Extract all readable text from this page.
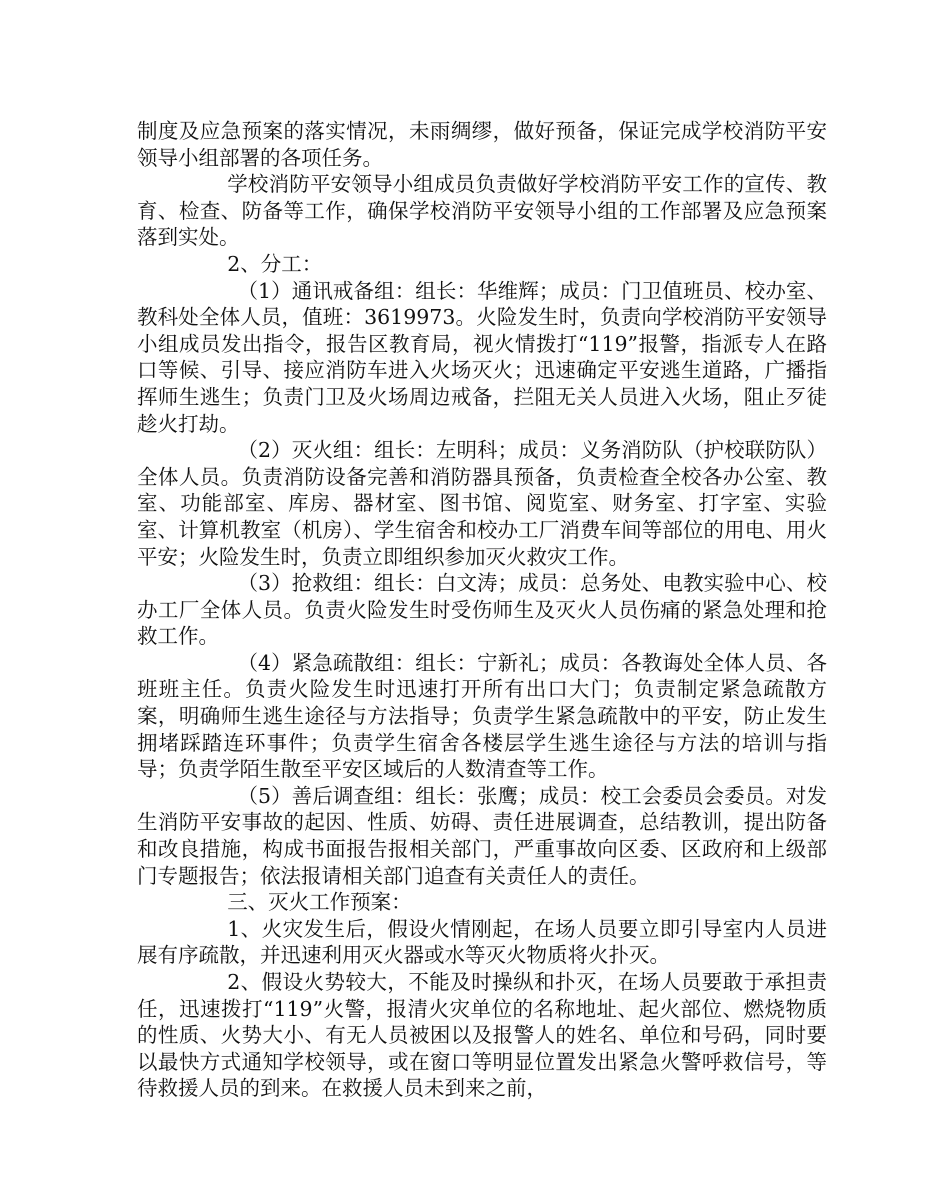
制度及应急预案的落实情况，未雨绸缪，做好预备，保证完成学校消防平安领导小组部署的各项任务。

学校消防平安领导小组成员负责做好学校消防平安工作的宣传、教育、检查、防备等工作，确保学校消防平安领导小组的工作部署及应急预案落到实处。

2、分工：

（1）通讯戒备组：组长：华维辉；成员：门卫值班员、校办室、教科处全体人员，值班：3619973。火险发生时，负责向学校消防平安领导小组成员发出指令，报告区教育局，视火情拨打“119”报警，指派专人在路口等候、引导、接应消防车进入火场灭火；迅速确定平安逃生道路，广播指挥师生逃生；负责门卫及火场周边戒备，拦阻无关人员进入火场，阻止歹徒趁火打劫。

（2）灭火组：组长：左明科；成员：义务消防队（护校联防队）全体人员。负责消防设备完善和消防器具预备，负责检查全校各办公室、教室、功能部室、库房、器材室、图书馆、阅览室、财务室、打字室、实验室、计算机教室（机房）、学生宿舍和校办工厂消费车间等部位的用电、用火平安；火险发生时，负责立即组织参加灭火救灾工作。

（3）抢救组：组长：白文涛；成员：总务处、电教实验中心、校办工厂全体人员。负责火险发生时受伤师生及灭火人员伤痛的紧急处理和抢救工作。

（4）紧急疏散组：组长：宁新礼；成员：各教诲处全体人员、各班班主任。负责火险发生时迅速打开所有出口大门；负责制定紧急疏散方案，明确师生逃生途径与方法指导；负责学生紧急疏散中的平安，防止发生拥堵踩踏连环事件；负责学生宿舍各楼层学生逃生途径与方法的培训与指导；负责学陌生散至平安区域后的人数清查等工作。

（5）善后调查组：组长：张鹰；成员：校工会委员会委员。对发生消防平安事故的起因、性质、妨碍、责任进展调查，总结教训，提出防备和改良措施，构成书面报告报相关部门，严重事故向区委、区政府和上级部门专题报告；依法报请相关部门追查有关责任人的责任。

三、灭火工作预案：

1、火灾发生后，假设火情刚起，在场人员要立即引导室内人员进展有序疏散，并迅速利用灭火器或水等灭火物质将火扑灭。

2、假设火势较大，不能及时操纵和扑灭，在场人员要敢于承担责任，迅速拨打“119”火警，报清火灾单位的名称地址、起火部位、燃烧物质的性质、火势大小、有无人员被困以及报警人的姓名、单位和号码，同时要以最快方式通知学校领导，或在窗口等明显位置发出紧急火警呼救信号，等待救援人员的到来。在救援人员未到来之前，
